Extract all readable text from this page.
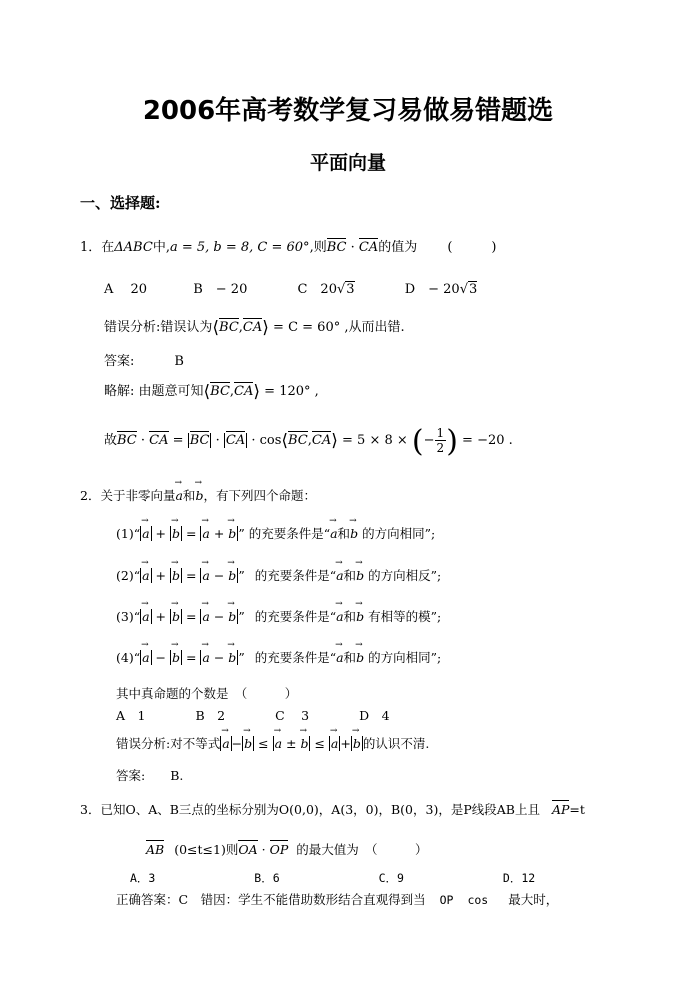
2006年高考数学复习易做易错题选
平面向量
一、选择题:
1．在ΔABC中,a = 5, b = 8, C = 60°,则BC · CA的值为 (　　　)
A　 20	B　− 20	C　20√3	D　− 20√3
错误分析:错误认为⟨BC,CA⟩ = C = 60° ,从而出错.
答案:	B
略解: 由题意可知⟨BC,CA⟩ = 120° ,
故BC · CA = BC · CA · cos⟨BC,CA⟩ = 5 × 8 × (− $\frac{1}{2}$ ) = −20 .
2．关于非零向量a →和b →，有下列四个命题：
(1)“ a → + b → = a → + b → ” 的充要条件是“a →和b → 的方向相同”;
(2)“ a → + b → = a → − b → ” 的充要条件是“a →和b → 的方向相反”;
(3)“ a → + b → = a → − b → ” 的充要条件是“a →和b → 有相等的模”;
(4)“ a → − b → = a → − b → ” 的充要条件是“a →和b → 的方向相同”;
其中真命题的个数是　（　　　）
A　1　　　　B　2　　　　C　 3　　　　D　4
错误分析:对不等式 a → − b → ≤ a → ± b → ≤ a → + b → 的认识不清.
答案:　　B.
3．已知O、A、B三点的坐标分别为O(0,0)，A(3，0)，B(0，3)，是P线段AB上且 AP=t
AB (0≤t≤1)则OA · OP 的最大值为　（　　　）
A．3	B．6	C．9	D．12
正确答案：C　错因：学生不能借助数形结合直观得到当 OP cos 最大时，
